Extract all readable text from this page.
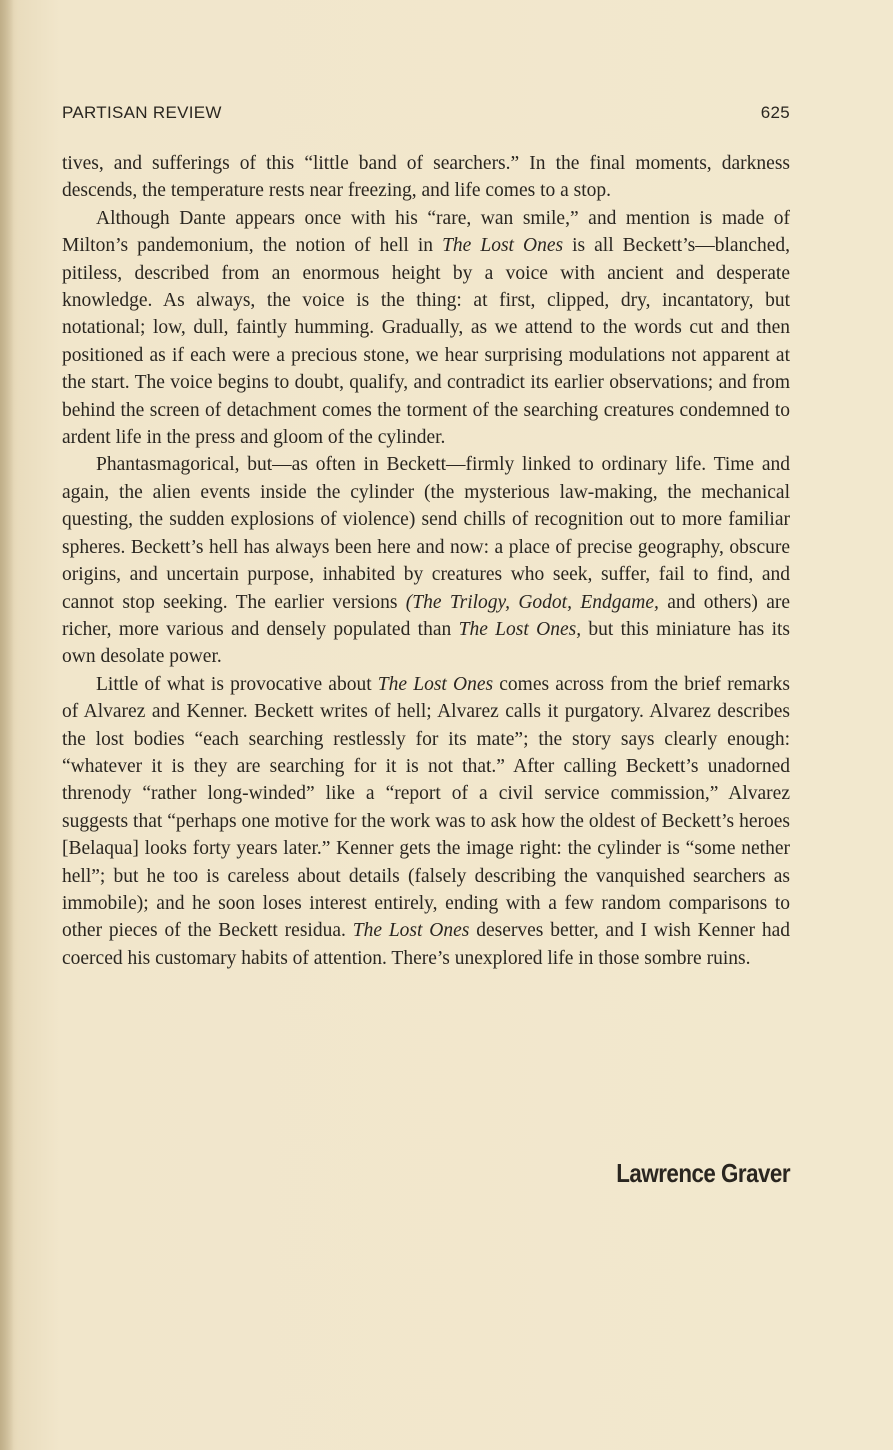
PARTISAN REVIEW	625

tives, and sufferings of this “little band of searchers.” In the final moments, darkness descends, the temperature rests near freezing, and life comes to a stop.

Although Dante appears once with his “rare, wan smile,” and mention is made of Milton’s pandemonium, the notion of hell in The Lost Ones is all Beckett’s—blanched, pitiless, described from an enormous height by a voice with ancient and desperate knowledge. As always, the voice is the thing: at first, clipped, dry, incantatory, but notational; low, dull, faintly humming. Gradually, as we attend to the words cut and then positioned as if each were a precious stone, we hear surprising modulations not apparent at the start. The voice begins to doubt, qualify, and contradict its earlier observations; and from behind the screen of detachment comes the torment of the searching creatures condemned to ardent life in the press and gloom of the cylinder.

Phantasmagorical, but—as often in Beckett—firmly linked to ordinary life. Time and again, the alien events inside the cylinder (the mysterious law-making, the mechanical questing, the sudden explosions of violence) send chills of recognition out to more familiar spheres. Beckett’s hell has always been here and now: a place of precise geography, obscure origins, and uncertain purpose, inhabited by creatures who seek, suffer, fail to find, and cannot stop seeking. The earlier versions (The Trilogy, Godot, Endgame, and others) are richer, more various and densely populated than The Lost Ones, but this miniature has its own desolate power.

Little of what is provocative about The Lost Ones comes across from the brief remarks of Alvarez and Kenner. Beckett writes of hell; Alvarez calls it purgatory. Alvarez describes the lost bodies “each searching restlessly for its mate”; the story says clearly enough: “whatever it is they are searching for it is not that.” After calling Beckett’s unadorned threnody “rather long-winded” like a “report of a civil service commission,” Alvarez suggests that “perhaps one motive for the work was to ask how the oldest of Beckett’s heroes [Belaqua] looks forty years later.” Kenner gets the image right: the cylinder is “some nether hell”; but he too is careless about details (falsely describing the vanquished searchers as immobile); and he soon loses interest entirely, ending with a few random comparisons to other pieces of the Beckett residua. The Lost Ones deserves better, and I wish Kenner had coerced his customary habits of attention. There’s unexplored life in those sombre ruins.

Lawrence Graver
